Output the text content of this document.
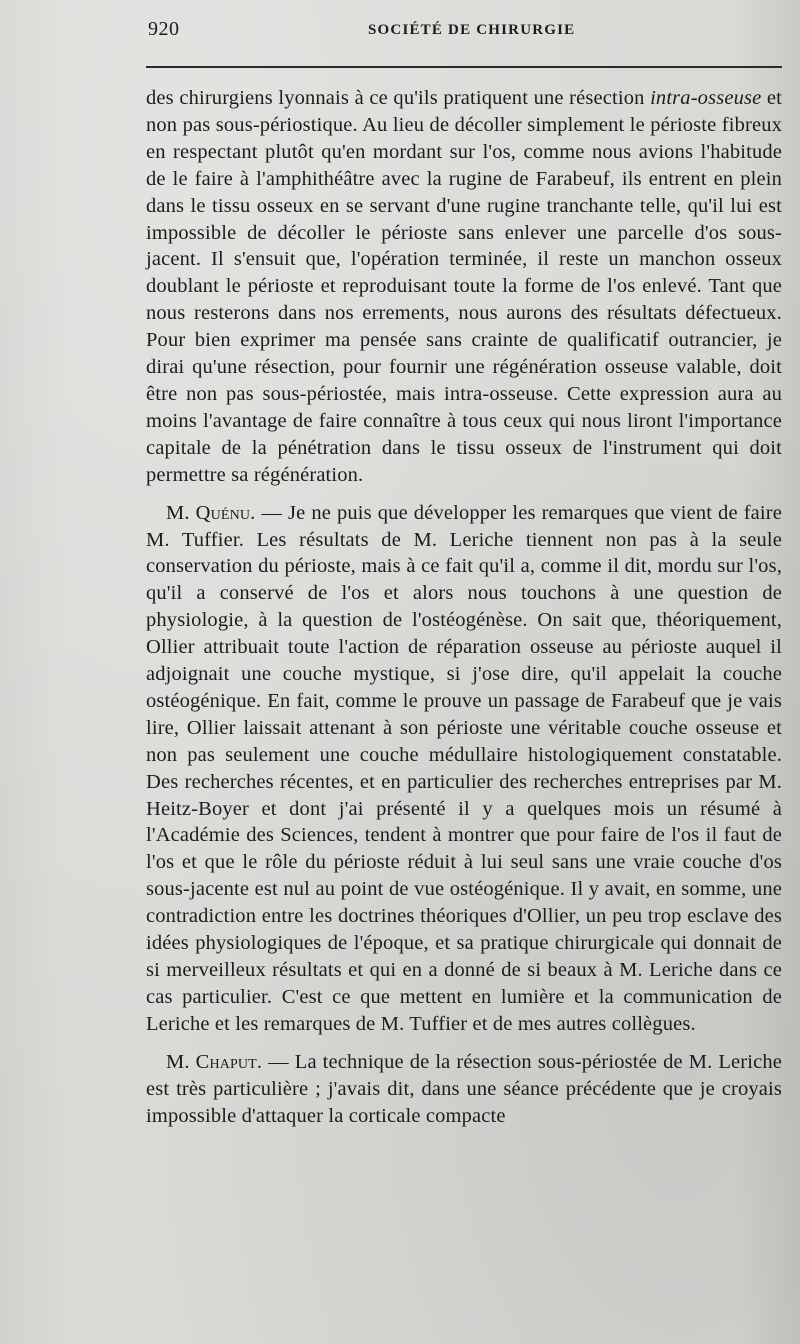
920	SOCIÉTÉ DE CHIRURGIE

des chirurgiens lyonnais à ce qu'ils pratiquent une résection intra-osseuse et non pas sous-périostique. Au lieu de décoller simplement le périoste fibreux en respectant plutôt qu'en mordant sur l'os, comme nous avions l'habitude de le faire à l'amphithéâtre avec la rugine de Farabeuf, ils entrent en plein dans le tissu osseux en se servant d'une rugine tranchante telle, qu'il lui est impossible de décoller le périoste sans enlever une parcelle d'os sous-jacent. Il s'ensuit que, l'opération terminée, il reste un manchon osseux doublant le périoste et reproduisant toute la forme de l'os enlevé. Tant que nous resterons dans nos errements, nous aurons des résultats défectueux. Pour bien exprimer ma pensée sans crainte de qualificatif outrancier, je dirai qu'une résection, pour fournir une régénération osseuse valable, doit être non pas sous-périostée, mais intra-osseuse. Cette expression aura au moins l'avantage de faire connaître à tous ceux qui nous liront l'importance capitale de la pénétration dans le tissu osseux de l'instrument qui doit permettre sa régénération.

M. Quénu. — Je ne puis que développer les remarques que vient de faire M. Tuffier. Les résultats de M. Leriche tiennent non pas à la seule conservation du périoste, mais à ce fait qu'il a, comme il dit, mordu sur l'os, qu'il a conservé de l'os et alors nous touchons à une question de physiologie, à la question de l'ostéogénèse. On sait que, théoriquement, Ollier attribuait toute l'action de réparation osseuse au périoste auquel il adjoignait une couche mystique, si j'ose dire, qu'il appelait la couche ostéogénique. En fait, comme le prouve un passage de Farabeuf que je vais lire, Ollier laissait attenant à son périoste une véritable couche osseuse et non pas seulement une couche médullaire histologiquement constatable. Des recherches récentes, et en particulier des recherches entreprises par M. Heitz-Boyer et dont j'ai présenté il y a quelques mois un résumé à l'Académie des Sciences, tendent à montrer que pour faire de l'os il faut de l'os et que le rôle du périoste réduit à lui seul sans une vraie couche d'os sous-jacente est nul au point de vue ostéogénique. Il y avait, en somme, une contradiction entre les doctrines théoriques d'Ollier, un peu trop esclave des idées physiologiques de l'époque, et sa pratique chirurgicale qui donnait de si merveilleux résultats et qui en a donné de si beaux à M. Leriche dans ce cas particulier. C'est ce que mettent en lumière et la communication de Leriche et les remarques de M. Tuffier et de mes autres collègues.

M. Chaput. — La technique de la résection sous-périostée de M. Leriche est très particulière ; j'avais dit, dans une séance précédente que je croyais impossible d'attaquer la corticale compacte
